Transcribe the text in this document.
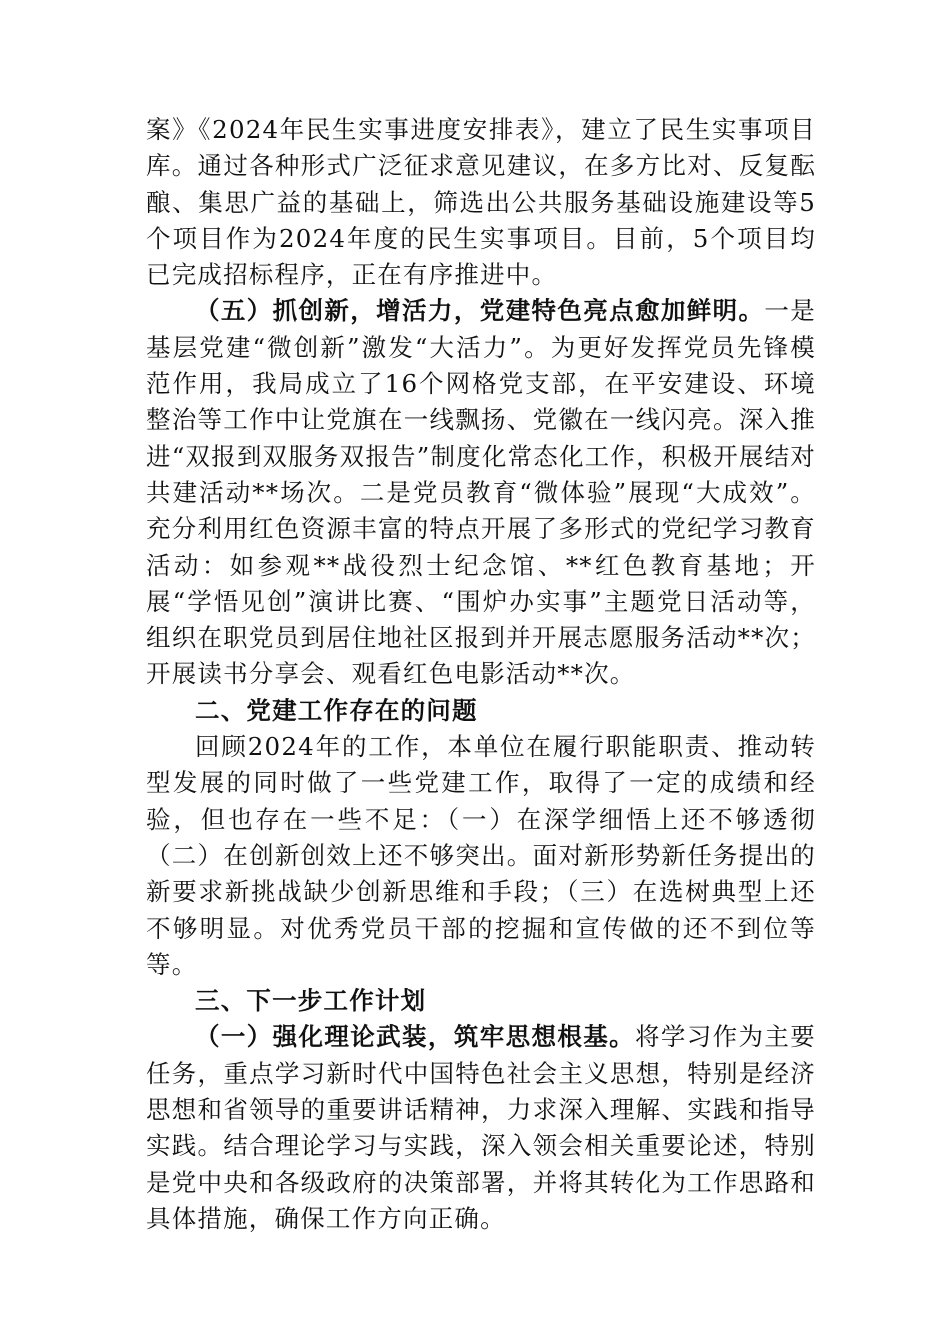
案》《2024年民生实事进度安排表》，建立了民生实事项目库。通过各种形式广泛征求意见建议，在多方比对、反复酝酿、集思广益的基础上，筛选出公共服务基础设施建设等5个项目作为2024年度的民生实事项目。目前，5个项目均已完成招标程序，正在有序推进中。

（五）抓创新，增活力，党建特色亮点愈加鲜明。一是基层党建“微创新”激发“大活力”。为更好发挥党员先锋模范作用，我局成立了16个网格党支部，在平安建设、环境整治等工作中让党旗在一线飘扬、党徽在一线闪亮。深入推进“双报到双服务双报告”制度化常态化工作，积极开展结对共建活动**场次。二是党员教育“微体验”展现“大成效”。充分利用红色资源丰富的特点开展了多形式的党纪学习教育活动：如参观**战役烈士纪念馆、**红色教育基地；开展“学悟见创”演讲比赛、“围炉办实事”主题党日活动等，组织在职党员到居住地社区报到并开展志愿服务活动**次；开展读书分享会、观看红色电影活动**次。

二、党建工作存在的问题

回顾2024年的工作，本单位在履行职能职责、推动转型发展的同时做了一些党建工作，取得了一定的成绩和经验，但也存在一些不足：（一）在深学细悟上还不够透彻（二）在创新创效上还不够突出。面对新形势新任务提出的新要求新挑战缺少创新思维和手段；（三）在选树典型上还不够明显。对优秀党员干部的挖掘和宣传做的还不到位等等。

三、下一步工作计划

（一）强化理论武装，筑牢思想根基。将学习作为主要任务，重点学习新时代中国特色社会主义思想，特别是经济思想和省领导的重要讲话精神，力求深入理解、实践和指导实践。结合理论学习与实践，深入领会相关重要论述，特别是党中央和各级政府的决策部署，并将其转化为工作思路和具体措施，确保工作方向正确。
